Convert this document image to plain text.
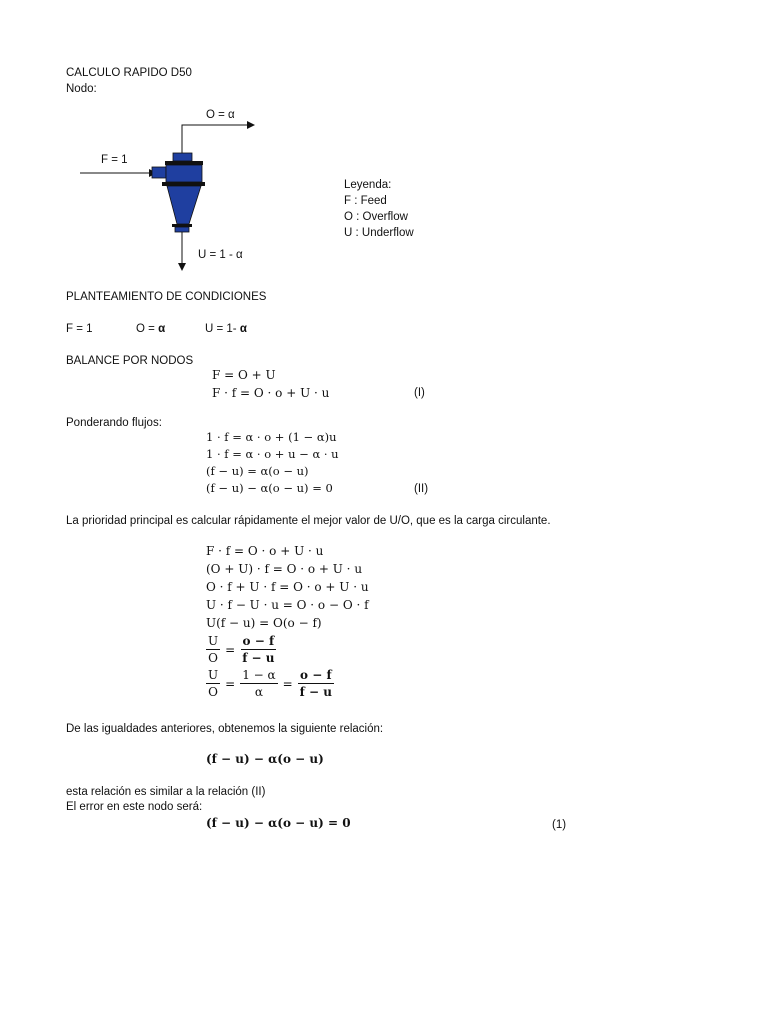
CALCULO RAPIDO D50
Nodo:
O = α
F = 1
U = 1 - α
Leyenda:
F : Feed
O : Overflow
U : Underflow
PLANTEAMIENTO DE CONDICIONES
F = 1	O = α	U = 1- α
BALANCE POR NODOS
F = O + U
F · f = O · o + U · u	(I)
Ponderando flujos:
1 · f = α · o + (1 − α)u
1 · f = α · o + u − α · u
(f − u) = α(o − u)
(f − u) − α(o − u) = 0	(II)
La prioridad principal es calcular rápidamente el mejor valor de U/O, que es la carga circulante.
F · f = O · o + U · u
(O + U) · f = O · o + U · u
O · f + U · f = O · o + U · u
U · f − U · u = O · o − O · f
U(f − u) = O(o − f)
$\frac{U}{O} = \frac{o - f}{f - u}$
$\frac{U}{O} = \frac{1 - \alpha}{\alpha} = \frac{o - f}{f - u}$
De las igualdades anteriores, obtenemos la siguiente relación:
(f − u) − α(o − u)
esta relación es similar a la relación (II)
El error en este nodo será:
(f − u) − α(o − u) = 0	(1)
